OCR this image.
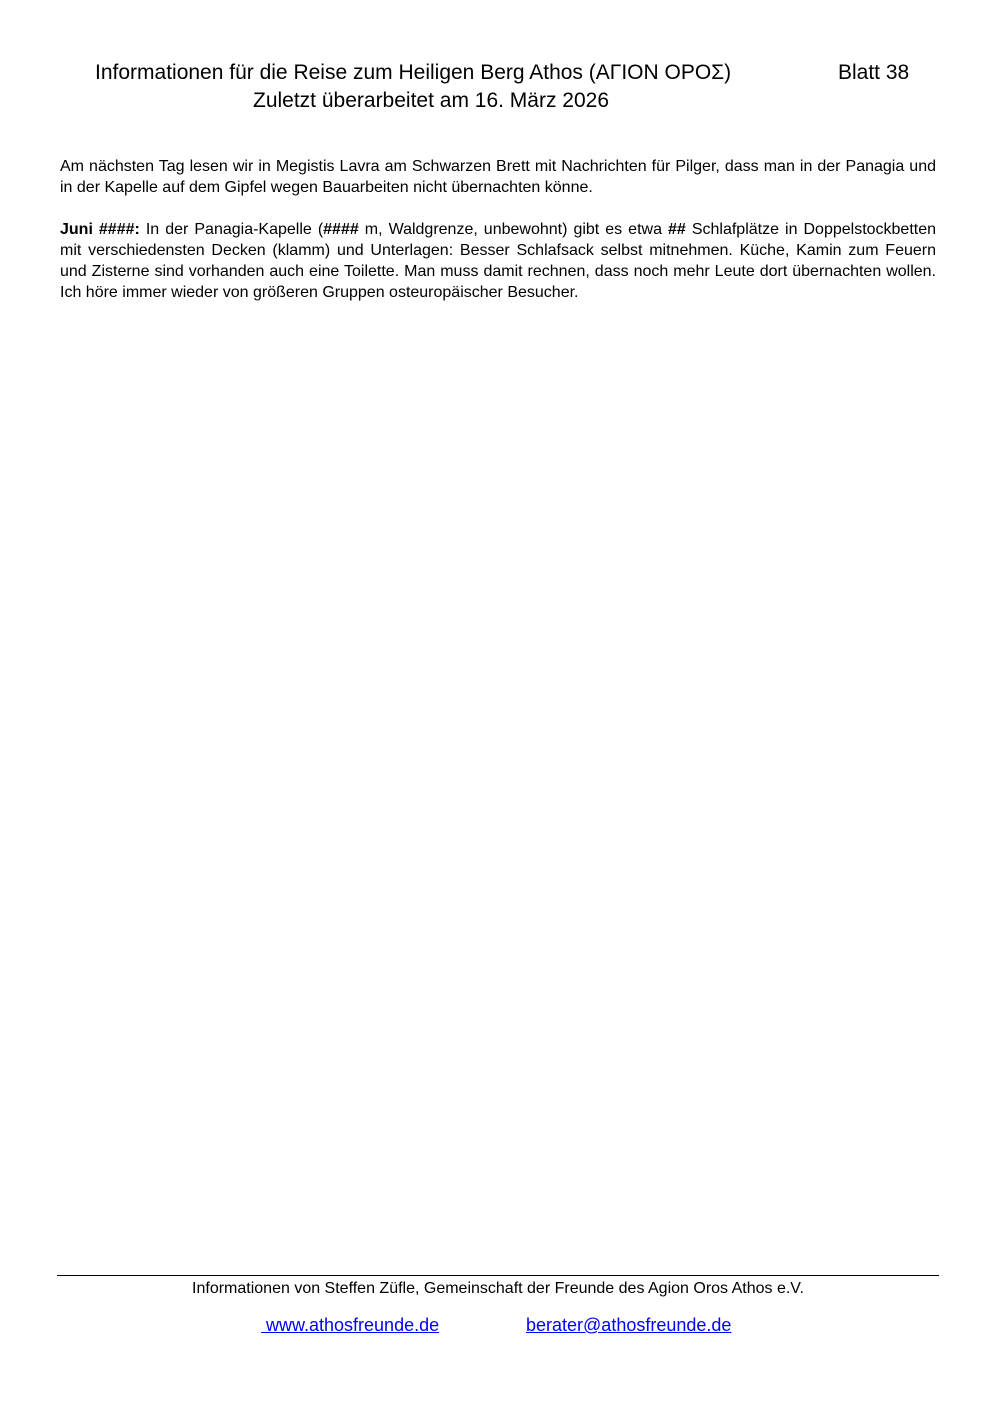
Informationen für die Reise zum Heiligen Berg Athos (ΑΓΙΟΝ ΟΡΟΣ)	Blatt 38
Zuletzt überarbeitet am 16. März 2026

Am nächsten Tag lesen wir in Megistis Lavra am Schwarzen Brett mit Nachrichten für Pilger, dass man in der Panagia und in der Kapelle auf dem Gipfel wegen Bauarbeiten nicht übernachten könne.

Juni ####: In der Panagia-Kapelle (#### m, Waldgrenze, unbewohnt) gibt es etwa ## Schlafplätze in Doppelstockbetten mit verschiedensten Decken (klamm) und Unterlagen: Besser Schlafsack selbst mitnehmen. Küche, Kamin zum Feuern und Zisterne sind vorhanden auch eine Toilette. Man muss damit rechnen, dass noch mehr Leute dort übernachten wollen. Ich höre immer wieder von größeren Gruppen osteuropäischer Besucher.

Informationen von Steffen Züfle, Gemeinschaft der Freunde des Agion Oros Athos e.V.
www.athosfreunde.de	berater@athosfreunde.de
